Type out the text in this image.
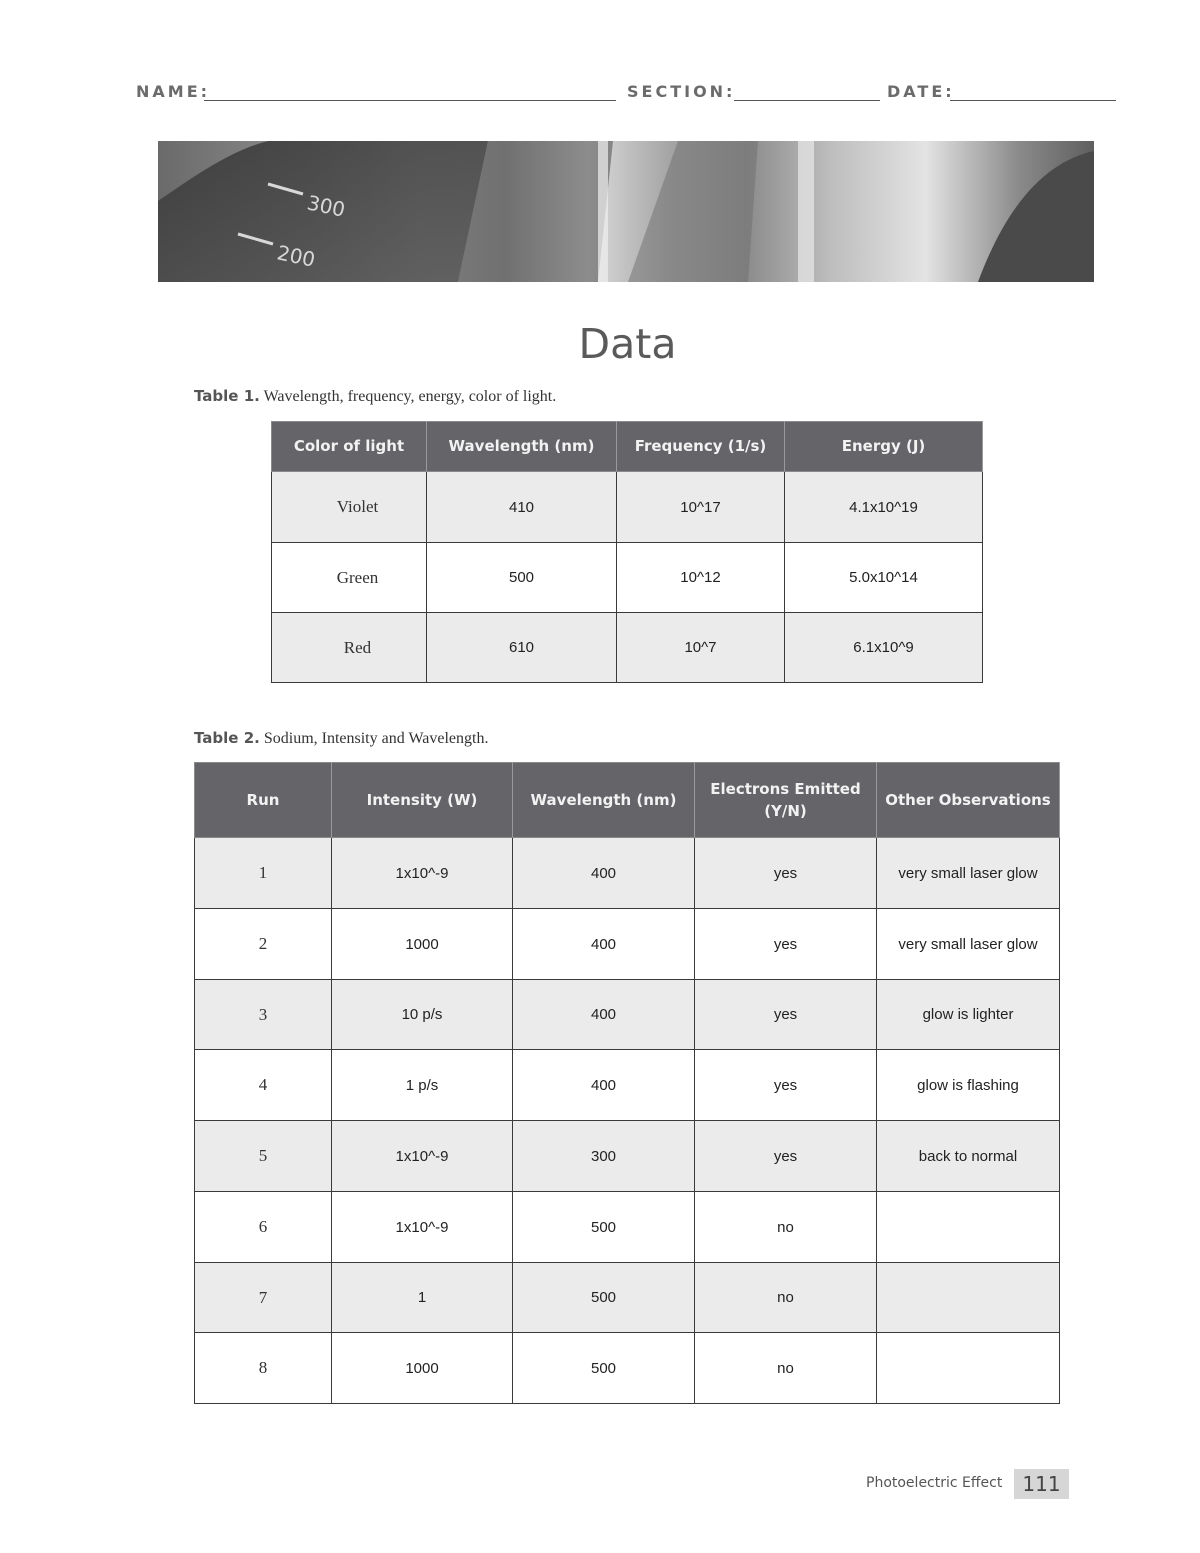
NAME:	SECTION:	DATE:
300
200
Data
Table 1. Wavelength, frequency, energy, color of light.
Color of light	Wavelength (nm)	Frequency (1/s)	Energy (J)
Violet	410	10^17	4.1x10^19
Green	500	10^12	5.0x10^14
Red	610	10^7	6.1x10^9
Table 2. Sodium, Intensity and Wavelength.
Run	Intensity (W)	Wavelength (nm)	Electrons Emitted (Y/N)	Other Observations
1	1x10^-9	400	yes	very small laser glow
2	1000	400	yes	very small laser glow
3	10 p/s	400	yes	glow is lighter
4	1 p/s	400	yes	glow is flashing
5	1x10^-9	300	yes	back to normal
6	1x10^-9	500	no	
7	1	500	no	
8	1000	500	no	
Photoelectric Effect	111
